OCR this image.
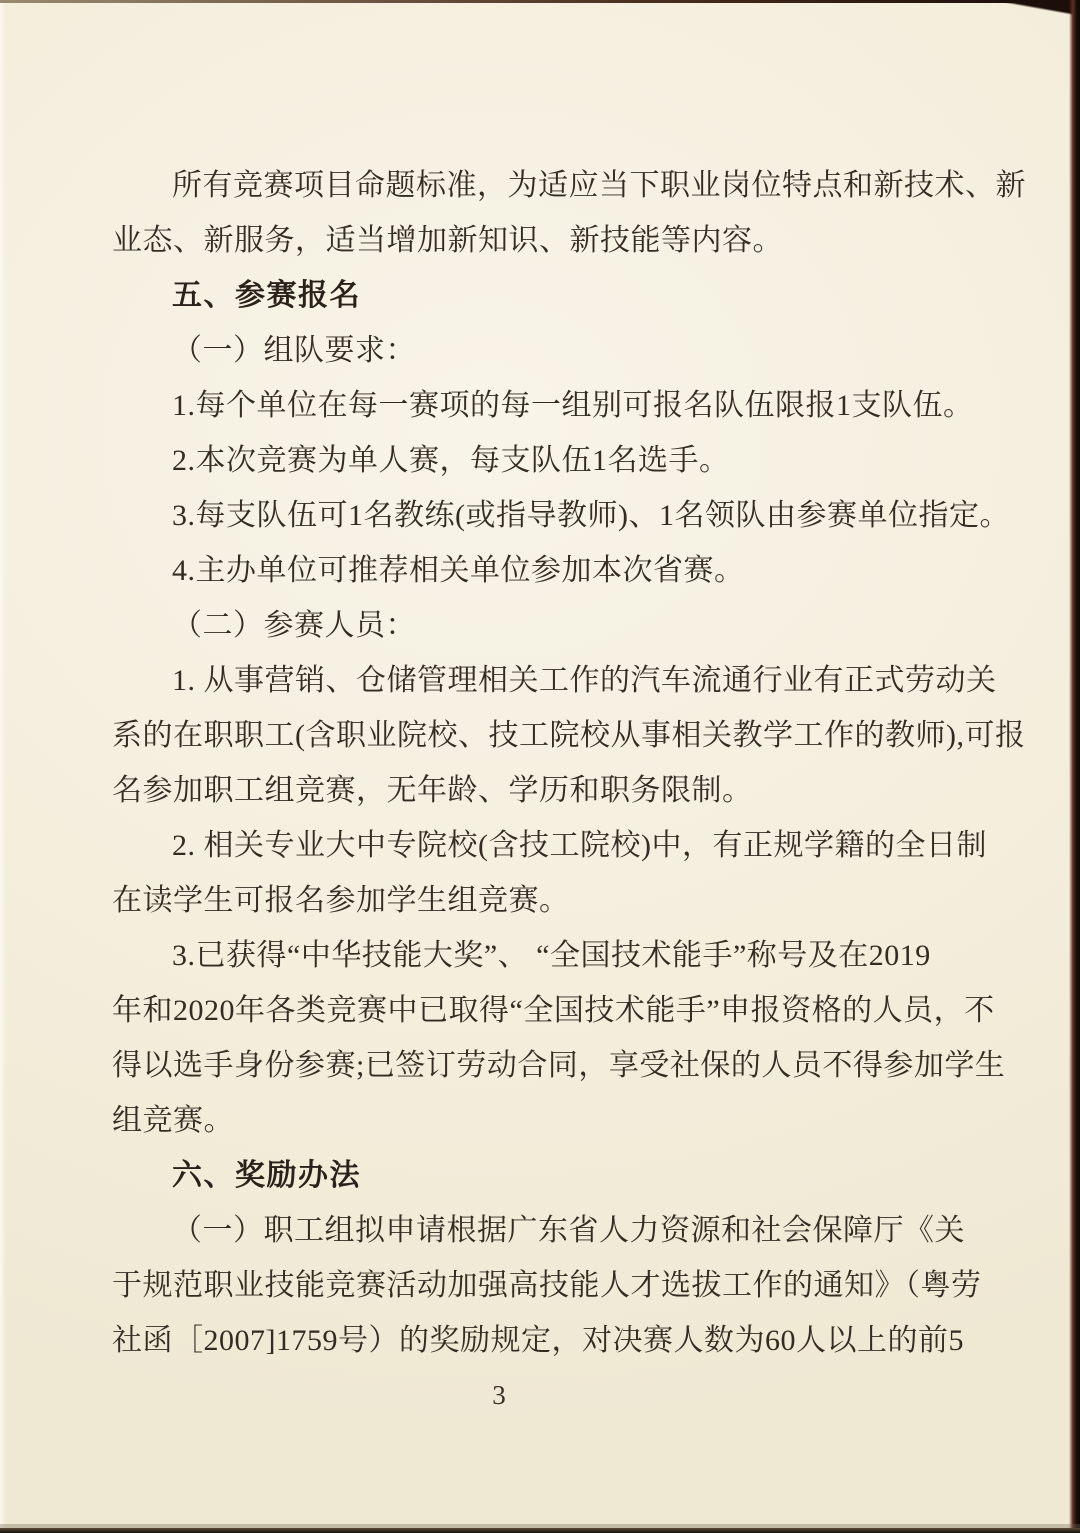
所有竞赛项目命题标准，为适应当下职业岗位特点和新技术、新
业态、新服务，适当增加新知识、新技能等内容。
五、参赛报名
（一）组队要求：
1.每个单位在每一赛项的每一组别可报名队伍限报1支队伍。
2.本次竞赛为单人赛，每支队伍1名选手。
3.每支队伍可1名教练(或指导教师)、1名领队由参赛单位指定。
4.主办单位可推荐相关单位参加本次省赛。
（二）参赛人员：
1. 从事营销、仓储管理相关工作的汽车流通行业有正式劳动关
系的在职职工(含职业院校、技工院校从事相关教学工作的教师),可报
名参加职工组竞赛，无年龄、学历和职务限制。
2. 相关专业大中专院校(含技工院校)中，有正规学籍的全日制
在读学生可报名参加学生组竞赛。
3.已获得“中华技能大奖”、 “全国技术能手”称号及在2019
年和2020年各类竞赛中已取得“全国技术能手”申报资格的人员，不
得以选手身份参赛;已签订劳动合同，享受社保的人员不得参加学生
组竞赛。
六、奖励办法
（一）职工组拟申请根据广东省人力资源和社会保障厅《关
于规范职业技能竞赛活动加强高技能人才选拔工作的通知》（粤劳
社函［2007]1759号）的奖励规定，对决赛人数为60人以上的前5
3
